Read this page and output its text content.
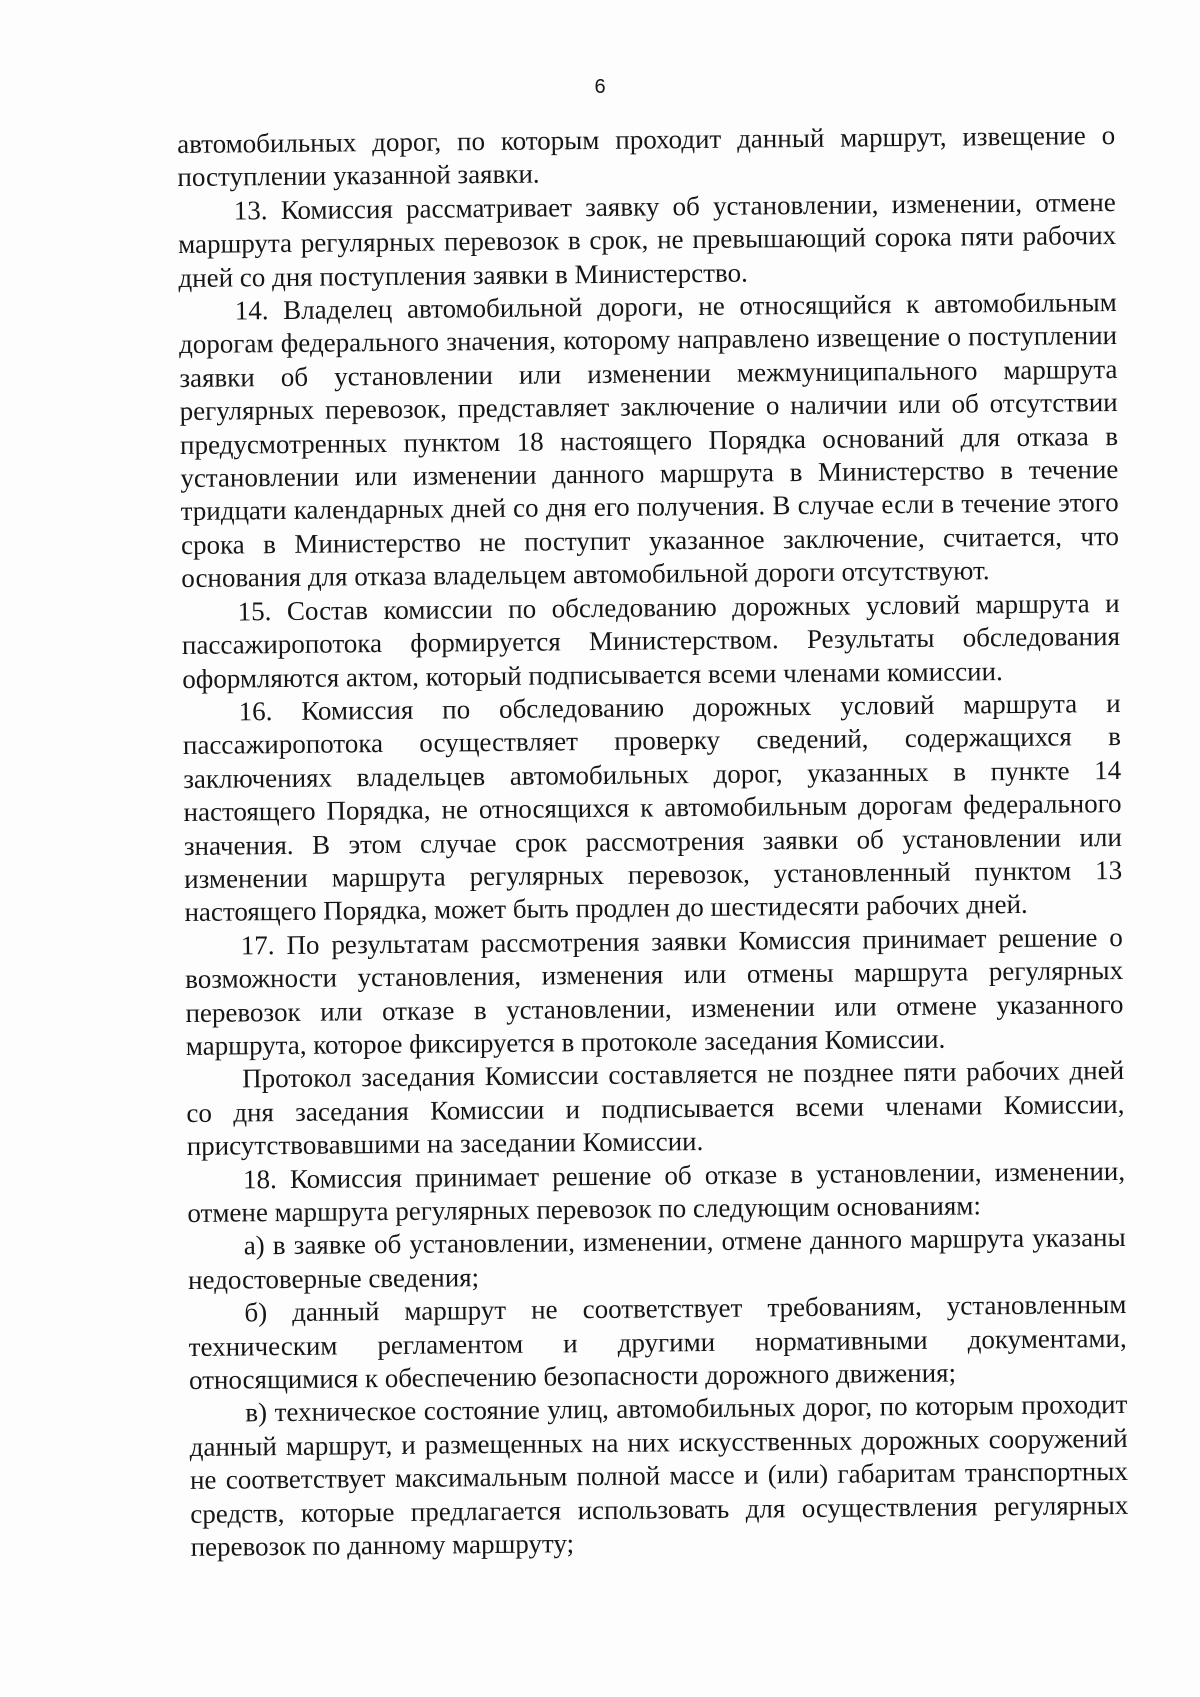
6

автомобильных дорог, по которым проходит данный маршрут, извещение о поступлении указанной заявки.

13. Комиссия рассматривает заявку об установлении, изменении, отмене маршрута регулярных перевозок в срок, не превышающий сорока пяти рабочих дней со дня поступления заявки в Министерство.

14. Владелец автомобильной дороги, не относящийся к автомобильным дорогам федерального значения, которому направлено извещение о поступлении заявки об установлении или изменении межмуниципального маршрута регулярных перевозок, представляет заключение о наличии или об отсутствии предусмотренных пунктом 18 настоящего Порядка оснований для отказа в установлении или изменении данного маршрута в Министерство в течение тридцати календарных дней со дня его получения. В случае если в течение этого срока в Министерство не поступит указанное заключение, считается, что основания для отказа владельцем автомобильной дороги отсутствуют.

15. Состав комиссии по обследованию дорожных условий маршрута и пассажиропотока формируется Министерством. Результаты обследования оформляются актом, который подписывается всеми членами комиссии.

16. Комиссия по обследованию дорожных условий маршрута и пассажиропотока осуществляет проверку сведений, содержащихся в заключениях владельцев автомобильных дорог, указанных в пункте 14 настоящего Порядка, не относящихся к автомобильным дорогам федерального значения. В этом случае срок рассмотрения заявки об установлении или изменении маршрута регулярных перевозок, установленный пунктом 13 настоящего Порядка, может быть продлен до шестидесяти рабочих дней.

17. По результатам рассмотрения заявки Комиссия принимает решение о возможности установления, изменения или отмены маршрута регулярных перевозок или отказе в установлении, изменении или отмене указанного маршрута, которое фиксируется в протоколе заседания Комиссии.

Протокол заседания Комиссии составляется не позднее пяти рабочих дней со дня заседания Комиссии и подписывается всеми членами Комиссии, присутствовавшими на заседании Комиссии.

18. Комиссия принимает решение об отказе в установлении, изменении, отмене маршрута регулярных перевозок по следующим основаниям:

а) в заявке об установлении, изменении, отмене данного маршрута указаны недостоверные сведения;

б) данный маршрут не соответствует требованиям, установленным техническим регламентом и другими нормативными документами, относящимися к обеспечению безопасности дорожного движения;

в) техническое состояние улиц, автомобильных дорог, по которым проходит данный маршрут, и размещенных на них искусственных дорожных сооружений не соответствует максимальным полной массе и (или) габаритам транспортных средств, которые предлагается использовать для осуществления регулярных перевозок по данному маршруту;
